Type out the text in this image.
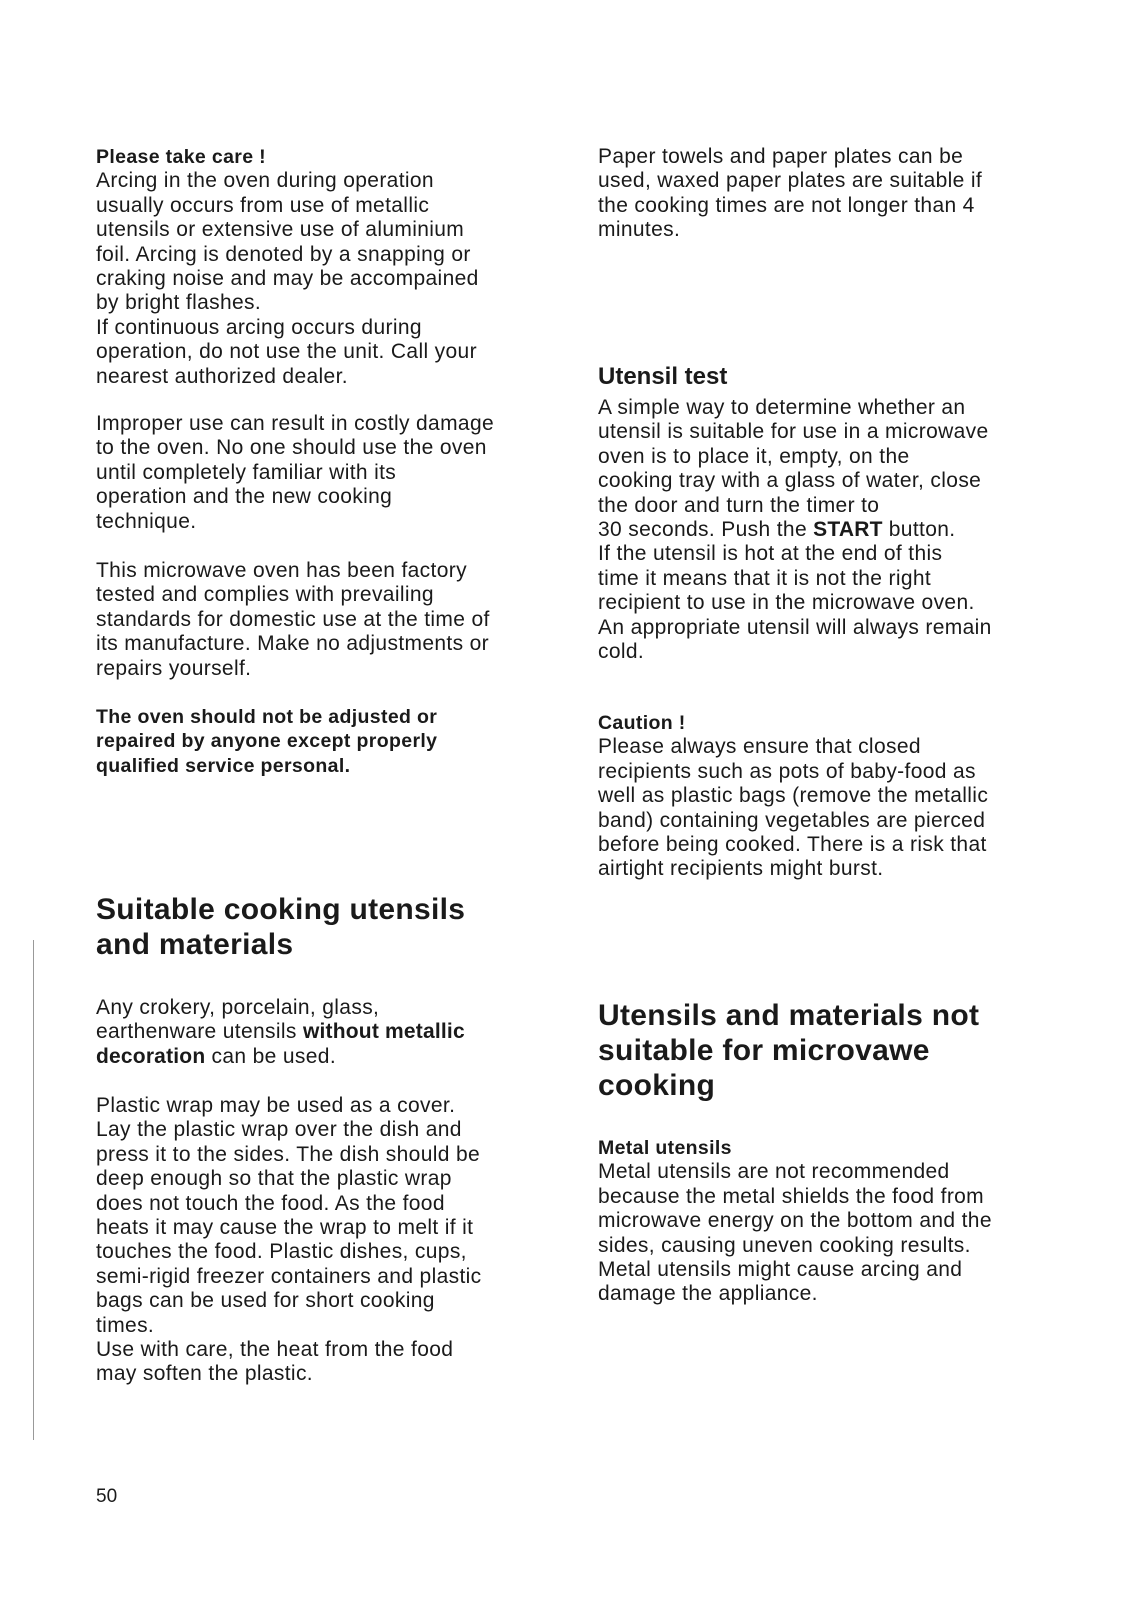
Please take care !
Arcing in the oven during operation
usually occurs from use of metallic
utensils or extensive use of aluminium
foil. Arcing is denoted by a snapping or
craking noise and may be accompained
by bright flashes.
If continuous arcing occurs during
operation, do not use the unit. Call your
nearest authorized dealer.
Improper use can result in costly damage
to the oven. No one should use the oven
until completely familiar with its
operation and the new cooking
technique.
This microwave oven has been factory
tested and complies with prevailing
standards for domestic use at the time of
its manufacture. Make no adjustments or
repairs yourself.
The oven should not be adjusted or
repaired by anyone except properly
qualified service personal.
Suitable cooking utensils
and materials
Any crokery, porcelain, glass,
earthenware utensils without metallic
decoration can be used.
Plastic wrap may be used as a cover.
Lay the plastic wrap over the dish and
press it to the sides. The dish should be
deep enough so that the plastic wrap
does not touch the food. As the food
heats it may cause the wrap to melt if it
touches the food. Plastic dishes, cups,
semi-rigid freezer containers and plastic
bags can be used for short cooking
times.
Use with care, the heat from the food
may soften the plastic.
Paper towels and paper plates can be
used, waxed paper plates are suitable if
the cooking times are not longer than 4
minutes.
Utensil test
A simple way to determine whether an
utensil is suitable for use in a microwave
oven is to place it, empty, on the
cooking tray with a glass of water, close
the door and turn the timer to
30 seconds. Push the START button.
If the utensil is hot at the end of this
time it means that it is not the right
recipient to use in the microwave oven.
An appropriate utensil will always remain
cold.
Caution !
Please always ensure that closed
recipients such as pots of baby-food as
well as plastic bags (remove the metallic
band) containing vegetables are pierced
before being cooked. There is a risk that
airtight recipients might burst.
Utensils and materials not
suitable for microvawe
cooking
Metal utensils
Metal utensils are not recommended
because the metal shields the food from
microwave energy on the bottom and the
sides, causing uneven cooking results.
Metal utensils might cause arcing and
damage the appliance.
50
